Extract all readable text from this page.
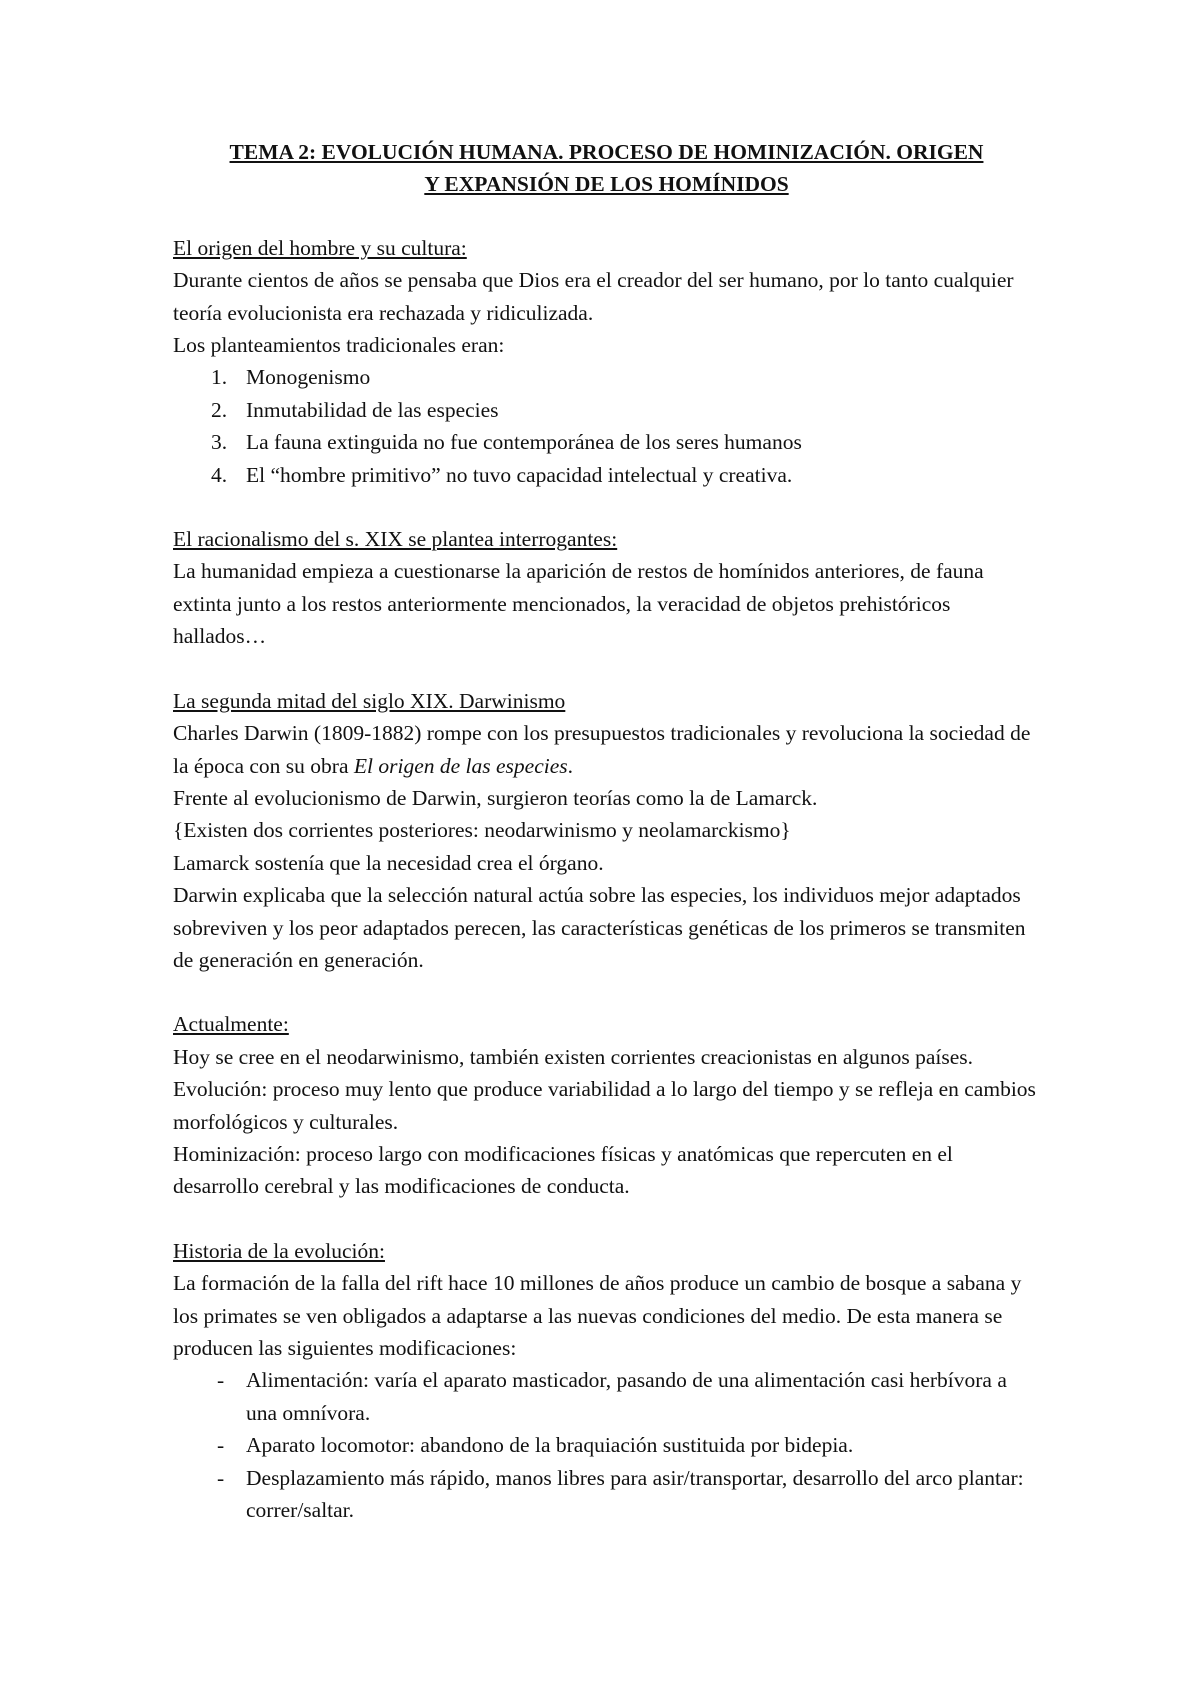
TEMA 2: EVOLUCIÓN HUMANA. PROCESO DE HOMINIZACIÓN. ORIGEN
Y EXPANSIÓN DE LOS HOMÍNIDOS
El origen del hombre y su cultura:

Durante cientos de años se pensaba que Dios era el creador del ser humano, por lo tanto cualquier teoría evolucionista era rechazada y ridiculizada.

Los planteamientos tradicionales eran:

1. Monogenismo
2. Inmutabilidad de las especies
3. La fauna extinguida no fue contemporánea de los seres humanos
4. El “hombre primitivo” no tuvo capacidad intelectual y creativa.
El racionalismo del s. XIX se plantea interrogantes:

La humanidad empieza a cuestionarse la aparición de restos de homínidos anteriores, de fauna extinta junto a los restos anteriormente mencionados, la veracidad de objetos prehistóricos hallados…

La segunda mitad del siglo XIX. Darwinismo

Charles Darwin (1809-1882) rompe con los presupuestos tradicionales y revoluciona la sociedad de la época con su obra El origen de las especies.

Frente al evolucionismo de Darwin, surgieron teorías como la de Lamarck.

{Existen dos corrientes posteriores: neodarwinismo y neolamarckismo}

Lamarck sostenía que la necesidad crea el órgano.

Darwin explicaba que la selección natural actúa sobre las especies, los individuos mejor adaptados sobreviven y los peor adaptados perecen, las características genéticas de los primeros se transmiten de generación en generación.

Actualmente:

Hoy se cree en el neodarwinismo, también existen corrientes creacionistas en algunos países.

Evolución: proceso muy lento que produce variabilidad a lo largo del tiempo y se refleja en cambios morfológicos y culturales.

Hominización: proceso largo con modificaciones físicas y anatómicas que repercuten en el desarrollo cerebral y las modificaciones de conducta.

Historia de la evolución:

La formación de la falla del rift hace 10 millones de años produce un cambio de bosque a sabana y los primates se ven obligados a adaptarse a las nuevas condiciones del medio. De esta manera se producen las siguientes modificaciones:

- Alimentación: varía el aparato masticador, pasando de una alimentación casi herbívora a una omnívora.
- Aparato locomotor: abandono de la braquiación sustituida por bidepia.
- Desplazamiento más rápido, manos libres para asir/transportar, desarrollo del arco plantar: correr/saltar.
